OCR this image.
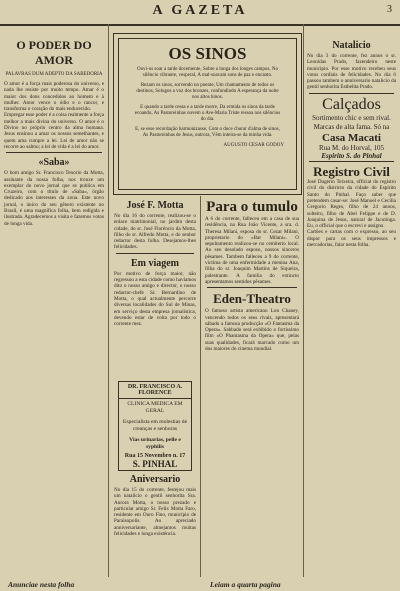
A GAZETA	3
O PODER DO AMOR
PALAVRAS DUM ADEPTO DA SABEDORIA

O amor é a força mais poderosa do universo, e nada lhe resiste por muito tempo. Amar é o maior dos dons concedidos ao homem e à mulher. Amor vence o ódio e o rancor, e transforma o coração do mais endurecido.

Empregar esse poder é a coisa realmente a força melhor a mais divina do universo. O amor é o Divino no próprio centro da alma humana. Jesus ensinou a amar os nossos semelhantes, e quem ama cumpre a lei. Lei de amor não se recorre ao salmo; a lei de vida é a lei do amor.

«Saba»

O bom amigo Sr. Francisco Tenorio da Motta, assinante da nossa folha, nos trouxe um exemplar do novo jornal que se publica em Cruzeiro, com o título de «Saba», órgão dedicado aos interesses da zona. Este novo jornal, o único do seu gênero existente no Brasil, é uma magnífica folha, bem redigida e ilustrada. Agradecemos a visita e fazemos votos de longa vida.

Anunciae nesta folha
OS SINOS
Ouvi-os soar a tarde docemente, Sobre a longa dos longes campos, No silêncio vibrante, vesperal, A mal-soavam sons de paz e encanto.
Rezam os sinos, sorvendo no poente, Um chamamento de todos os destinos, Solugos a voz dos bronzes, confundindo A esperança da noite nos altos hinos.
E quando a tarde cessa e a tarde morre, Da ermida os sinos da tarde ecoando, As Pastoreinhas ouvem o Ave-Maria Triste ressoa nos silêncios do dia.
E, se esse recordação harmonizasse, Com o doce chorar d'alma de sinos, As Pastoreinhas de Jesus, outrora, Vêm inteira-se da minha vida.
AUGUSTO CESAR GODOY
José F. Motta

No dia 16 do corrente, realizou-se o enlace matrimonial, no jardim desta cidade, do sr. José Florêncio da Motta, filho do sr. Alfredo Motta, e do senhor redactor desta folha. Desejamos-lhes felicidades.

Em viagem

Por motivo de força maior, não regressou a esta cidade como havíamos dito o nosso amigo e director, o nosso redactor-chefe Sr. Bernardino de Motta, o qual actualmente percorre diversas localidades do Sul de Minas, em serviço desta empresa jornalística, devendo estar de volta por todo o corrente mez.

DR. FRANCISCO A. FLORENCE
CLINICA MEDICA EM GERAL
Especialista em molestias de creanças e senhoras
Vias urinarias, pelle e syphilis
Rua 15 Novembro n. 17
S. PINHAL
Aniversario

No dia 15 do corrente, festejou mais um natalício o gentil senhorita Sra. Aurora Motta, o nosso prezado e particular amigo Sr. Felix Motta Faro, residente em Ouro Fino, município de Paraisopolis. Ao apreciado anniversariante, almejamos muitas felicidades e longa existência.

Para o tumulo

A 6 do corrente, falleceu em a casa de sua residência, na Rua João Vicente, a sra. d. Theresa Milani, esposa do sr. Cezar Milani, proprietario do «Bar Milani». O sepultamento realizou-se no cemiterio local. Ao seu desolado esposo, nossos sinceros pêsames. Tambem falleceu a 9 do corrente, victima de uma enfermidade a menina Ana, filha do sr. Joaquim Martins de Siqueira, palestrante. A familia do extincto apresentamos sentidos pêsames.

Eden-Theatro

O famoso artista americano Lon Chaney, vencendo todos os seus rivais, apresentará sábado a famosa producção «O Fantasma da Opera». Sabbado será exhibido o fortíssimo film «O Phantasma da Opera» que, pelas suas qualidades, ficará marcado como um dos maiores do cinema mundial.

Leiam a quarta pagina
Natalicio

No dia 3 do corrente, fez annos o sr. Leonidas Prado, fazendeiro neste municipio. Por esse motivo recebeu seus votos cordiais de felicidades. No dia 6 passou tambem o anniversario natalicio da gentil senhorita Esthelita Prado.

Calçados
Sortimento chic e sem rival. Marcas de alta fama. Só na
Casa Macati
Rua M. do Horval, 105
Espirito S. do Pinhal
Registro Civil

José Dugerio Teixeira, official do registro civil do districto da cidade do Espirito Santo do Pinhal. Faço saber que pretendem casar-se: José Manoel e Cecilia Gregorio Reges, filho de 24 annos, solteiro, filho de Abel Felippe e de D. Joaquina de Jesus, natural de Jacutinga. Eu, o official que o escrevi e assigno.

Cartões e cartas com o expresso, ao seu dispor para os seus impressos e mercadorias, falar nesta folha.
